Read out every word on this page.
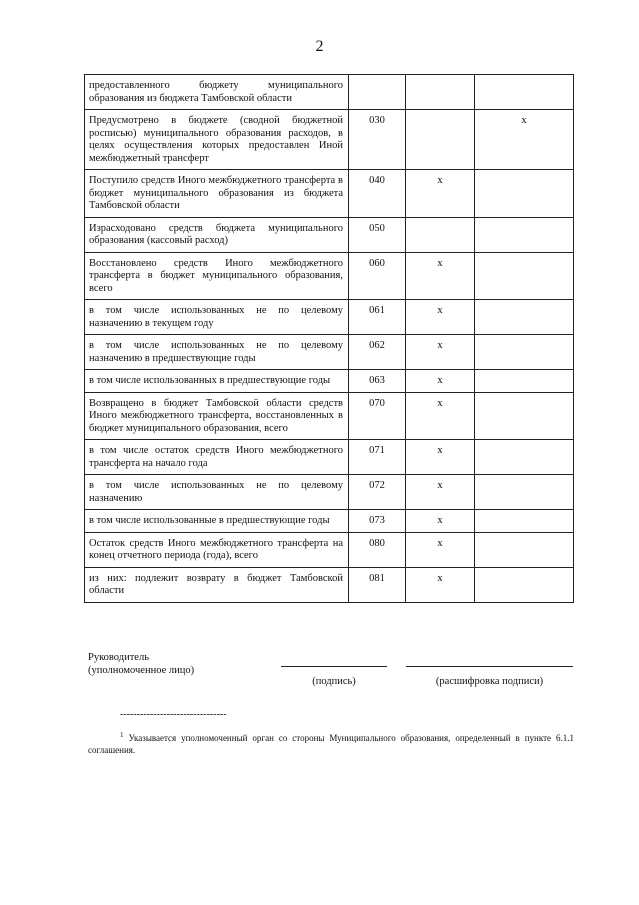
2
предоставленного бюджету муниципального образования из бюджета Тамбовской области			
Предусмотрено в бюджете (сводной бюджетной росписью) муниципального образования расходов, в целях осуществления которых предоставлен Иной межбюджетный трансферт	030		x
Поступило средств Иного межбюджетного трансферта в бюджет муниципального образования из бюджета Тамбовской области	040	x	
Израсходовано средств бюджета муниципального образования (кассовый расход)	050		
Восстановлено средств Иного межбюджетного трансферта в бюджет муниципального образования, всего	060	x	
в том числе использованных не по целевому назначению в текущем году	061	x	
в том числе использованных не по целевому назначению в предшествующие годы	062	x	
в том числе использованных в предшествующие годы	063	x	
Возвращено в бюджет Тамбовской области средств Иного межбюджетного трансферта, восстановленных в бюджет муниципального образования, всего	070	x	
в том числе остаток средств Иного межбюджетного трансферта на начало года	071	x	
в том числе использованных не по целевому назначению	072	x	
в том числе использованные в предшествующие годы	073	x	
Остаток средств Иного межбюджетного трансферта на конец отчетного периода (года), всего	080	x	
из них: подлежит возврату в бюджет Тамбовской области	081	x	
Руководитель
(уполномоченное лицо)
(подпись)	(расшифровка подписи)
--------------------------------
$^1$ Указывается уполномоченный орган со стороны Муниципального образования, определенный в пункте 6.1.1 соглашения.
